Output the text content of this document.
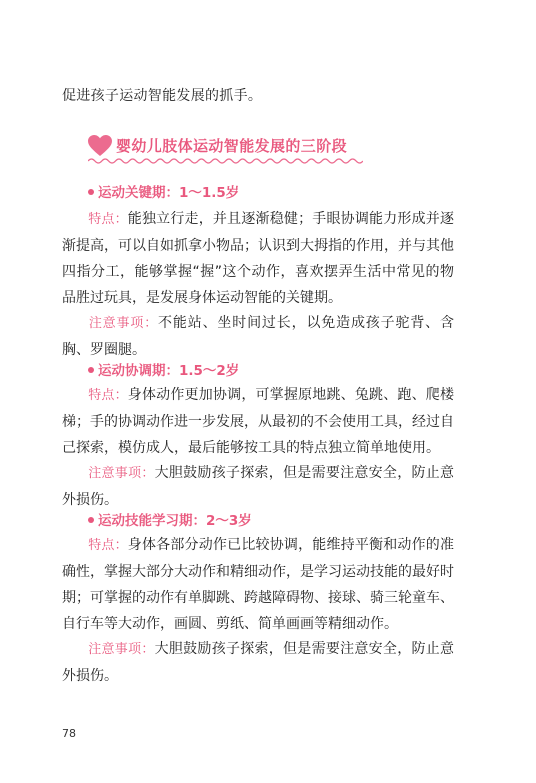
促进孩子运动智能发展的抓手。
婴幼儿肢体运动智能发展的三阶段
运动关键期：1～1.5岁
特点：能独立行走，并且逐渐稳健；手眼协调能力形成并逐渐提高，可以自如抓拿小物品；认识到大拇指的作用，并与其他四指分工，能够掌握“握”这个动作，喜欢摆弄生活中常见的物品胜过玩具，是发展身体运动智能的关键期。
注意事项：不能站、坐时间过长，以免造成孩子驼背、含胸、罗圈腿。
运动协调期：1.5～2岁
特点：身体动作更加协调，可掌握原地跳、兔跳、跑、爬楼梯；手的协调动作进一步发展，从最初的不会使用工具，经过自己探索，模仿成人，最后能够按工具的特点独立简单地使用。
注意事项：大胆鼓励孩子探索，但是需要注意安全，防止意外损伤。
运动技能学习期：2～3岁
特点：身体各部分动作已比较协调，能维持平衡和动作的准确性，掌握大部分大动作和精细动作，是学习运动技能的最好时期；可掌握的动作有单脚跳、跨越障碍物、接球、骑三轮童车、自行车等大动作，画圆、剪纸、简单画画等精细动作。
注意事项：大胆鼓励孩子探索，但是需要注意安全，防止意外损伤。
78
